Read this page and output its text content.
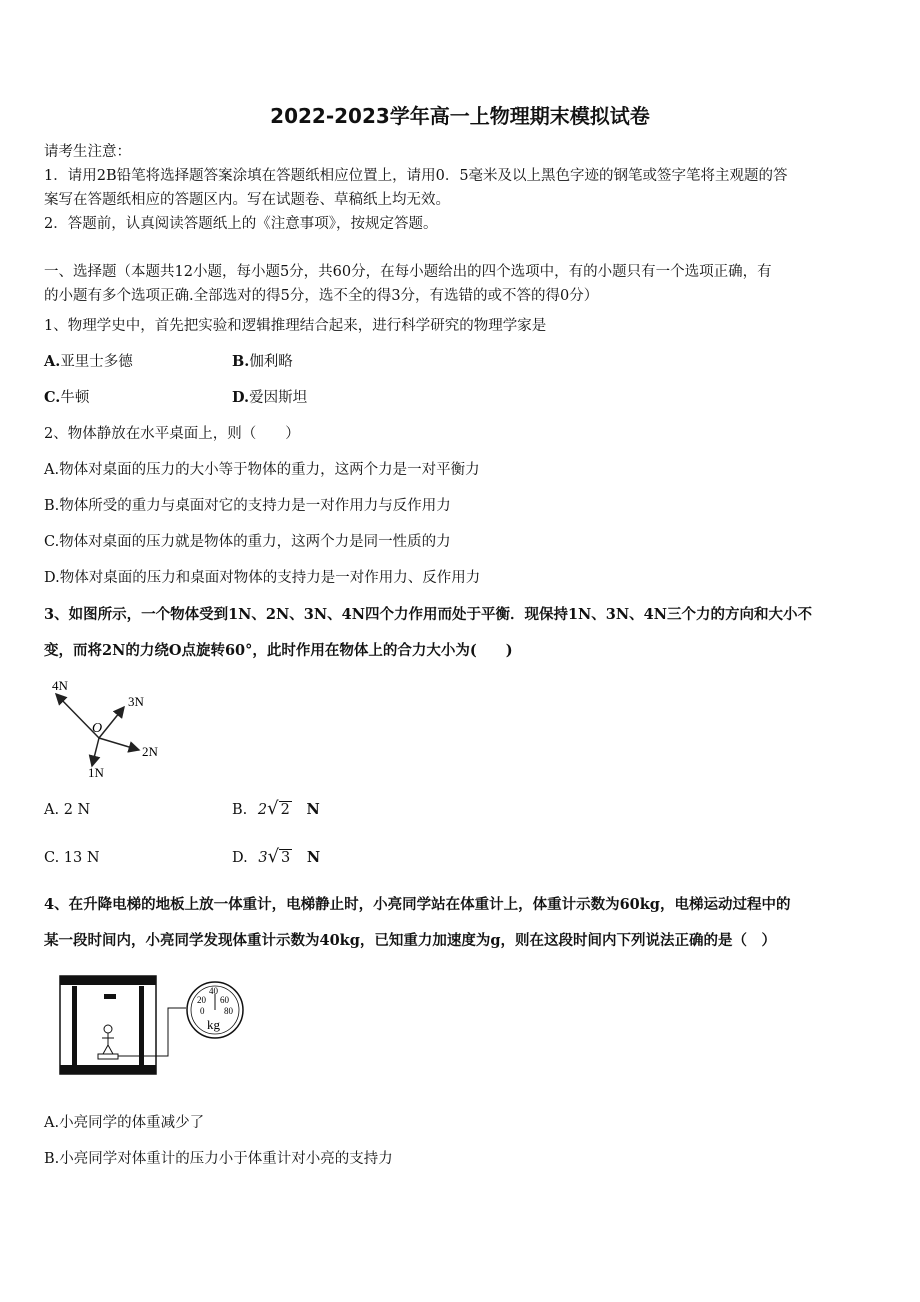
2022-2023学年高一上物理期末模拟试卷
请考生注意：
1．请用2B铅笔将选择题答案涂填在答题纸相应位置上，请用0．5毫米及以上黑色字迹的钢笔或签字笔将主观题的答
案写在答题纸相应的答题区内。写在试题卷、草稿纸上均无效。
2．答题前，认真阅读答题纸上的《注意事项》，按规定答题。
一、选择题（本题共12小题，每小题5分，共60分，在每小题给出的四个选项中，有的小题只有一个选项正确，有
的小题有多个选项正确.全部选对的得5分，选不全的得3分，有选错的或不答的得0分）
1、物理学史中，首先把实验和逻辑推理结合起来，进行科学研究的物理学家是
A.亚里士多德	B.伽利略
C.牛顿	D.爱因斯坦
2、物体静放在水平桌面上，则（　　）
A.物体对桌面的压力的大小等于物体的重力，这两个力是一对平衡力
B.物体所受的重力与桌面对它的支持力是一对作用力与反作用力
C.物体对桌面的压力就是物体的重力，这两个力是同一性质的力
D.物体对桌面的压力和桌面对物体的支持力是一对作用力、反作用力
3、如图所示，一个物体受到1N、2N、3N、4N四个力作用而处于平衡．现保持1N、3N、4N三个力的方向和大小不
变，而将2N的力绕O点旋转60°，此时作用在物体上的合力大小为(　　)
4N
3N
2N
1N
O
A. 2 N	B. 2√ 2 N
C. 13 N	D. 3√ 3 N
4、在升降电梯的地板上放一体重计，电梯静止时，小亮同学站在体重计上，体重计示数为60kg，电梯运动过程中的
某一段时间内，小亮同学发现体重计示数为40kg，已知重力加速度为g，则在这段时间内下列说法正确的是（　）
40
20 60
0 80
kg
A.小亮同学的体重减少了
B.小亮同学对体重计的压力小于体重计对小亮的支持力
